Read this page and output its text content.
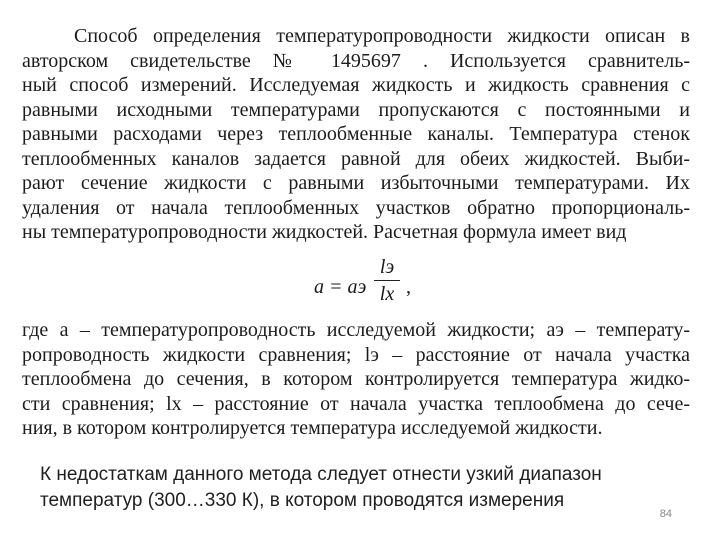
Способ определения температуропроводности жидкости описан в
авторском свидетельстве № 1495697 . Используется сравнитель-
ный способ измерений. Исследуемая жидкость и жидкость сравнения с
равными исходными температурами пропускаются с постоянными и
равными расходами через теплообменные каналы. Температура стенок
теплообменных каналов задается равной для обеих жидкостей. Выби-
рают сечение жидкости с равными избыточными температурами. Их
удаления от начала теплообменных участков обратно пропорциональ-
ны температуропроводности жидкостей. Расчетная формула имеет вид
a = aэ
lэ
lx ,
где a – температуропроводность исследуемой жидкости; aэ – температу-
ропроводность жидкости сравнения; lэ – расстояние от начала участка
теплообмена до сечения, в котором контролируется температура жидко-
сти сравнения; lx – расстояние от начала участка теплообмена до сече-
ния, в котором контролируется температура исследуемой жидкости.
К недостаткам данного метода следует отнести узкий диапазон
температур (300…330 К), в котором проводятся измерения
84
